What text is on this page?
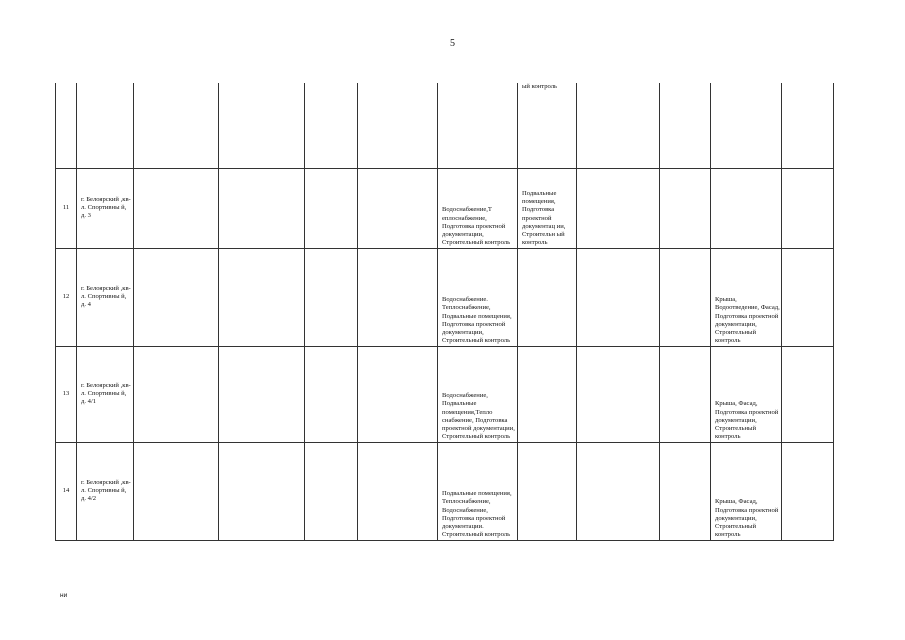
5
							ый контроль				
11	г. Белоярский ,кв-л. Спортивны й, д. 3					Водоснабжение,Т еплоснабжение, Подготовка проектной документации, Строительный контроль	Подвальные помещения, Подготовка проектной документац ии, Строительн ый контроль				
12	г. Белоярский ,кв-л. Спортивны й, д. 4					Водоснабжение. Теплоснабжение, Подвальные помещения, Подготовка проектной документации, Строительный контроль				Крыша, Водоотведение, Фасад, Подготовка проектной документации, Строительный контроль	
13	г. Белоярский ,кв-л. Спортивны й, д. 4/1					Водоснабжение, Подвальные помещения,Тепло снабжение, Подготовка проектной документации, Строительный контроль				Крыша, Фасад, Подготовка проектной документации, Строительный контроль	
14	г. Белоярский ,кв-л. Спортивны й, д. 4/2					Подвальные помещения, Теплоснабжение, Водоснабжение, Подготовка проектной документации. Строительный контроль				Крыша, Фасад, Подготовка проектной документации, Строительный контроль	
ни
